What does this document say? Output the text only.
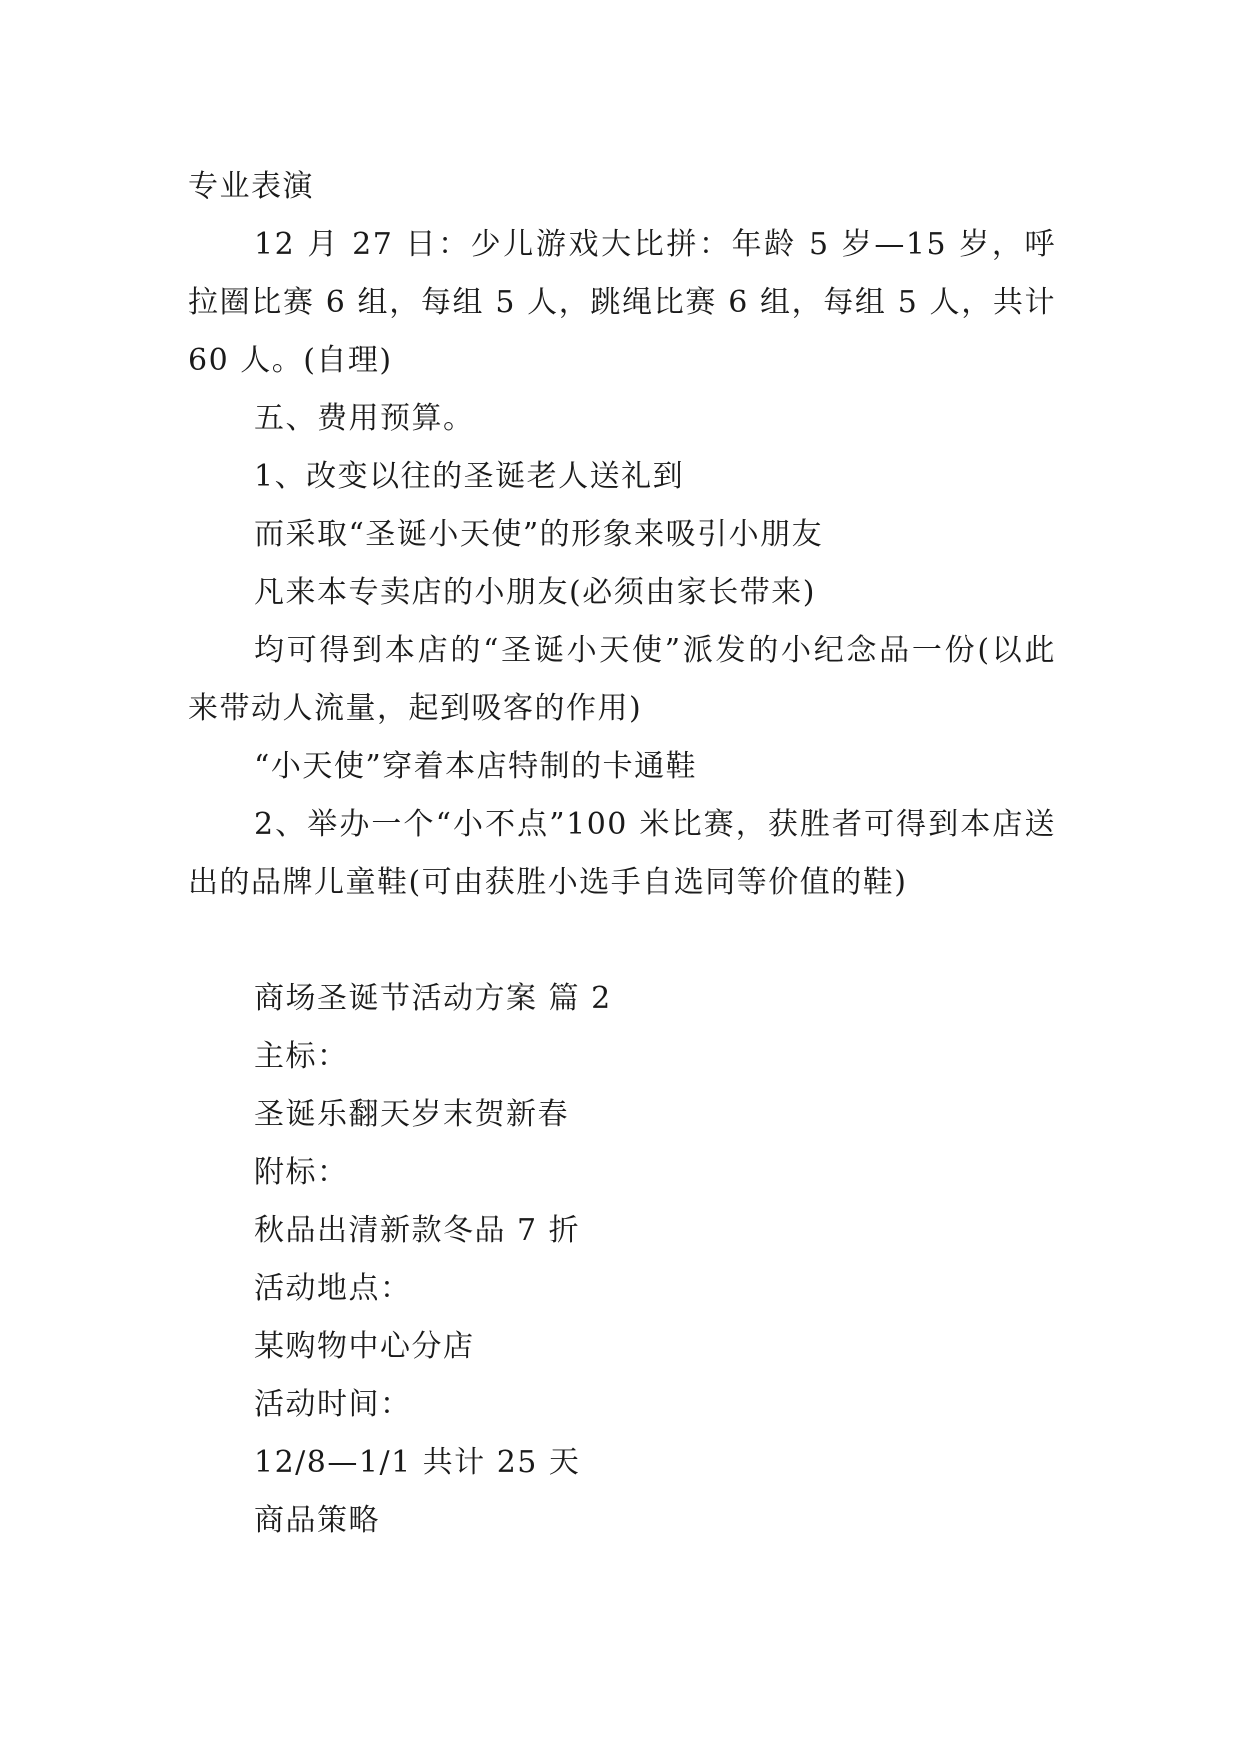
专业表演

12 月 27 日：少儿游戏大比拼：年龄 5 岁—15 岁，呼拉圈比赛 6 组，每组 5 人，跳绳比赛 6 组，每组 5 人，共计 60 人。(自理)

五、费用预算。

1、改变以往的圣诞老人送礼到

而采取“圣诞小天使”的形象来吸引小朋友

凡来本专卖店的小朋友(必须由家长带来)

均可得到本店的“圣诞小天使”派发的小纪念品一份(以此来带动人流量，起到吸客的作用)

“小天使”穿着本店特制的卡通鞋

2、举办一个“小不点”100 米比赛，获胜者可得到本店送出的品牌儿童鞋(可由获胜小选手自选同等价值的鞋)

商场圣诞节活动方案 篇 2

主标：

圣诞乐翻天岁末贺新春

附标：

秋品出清新款冬品 7 折

活动地点：

某购物中心分店

活动时间：

12/8—1/1 共计 25 天

商品策略
